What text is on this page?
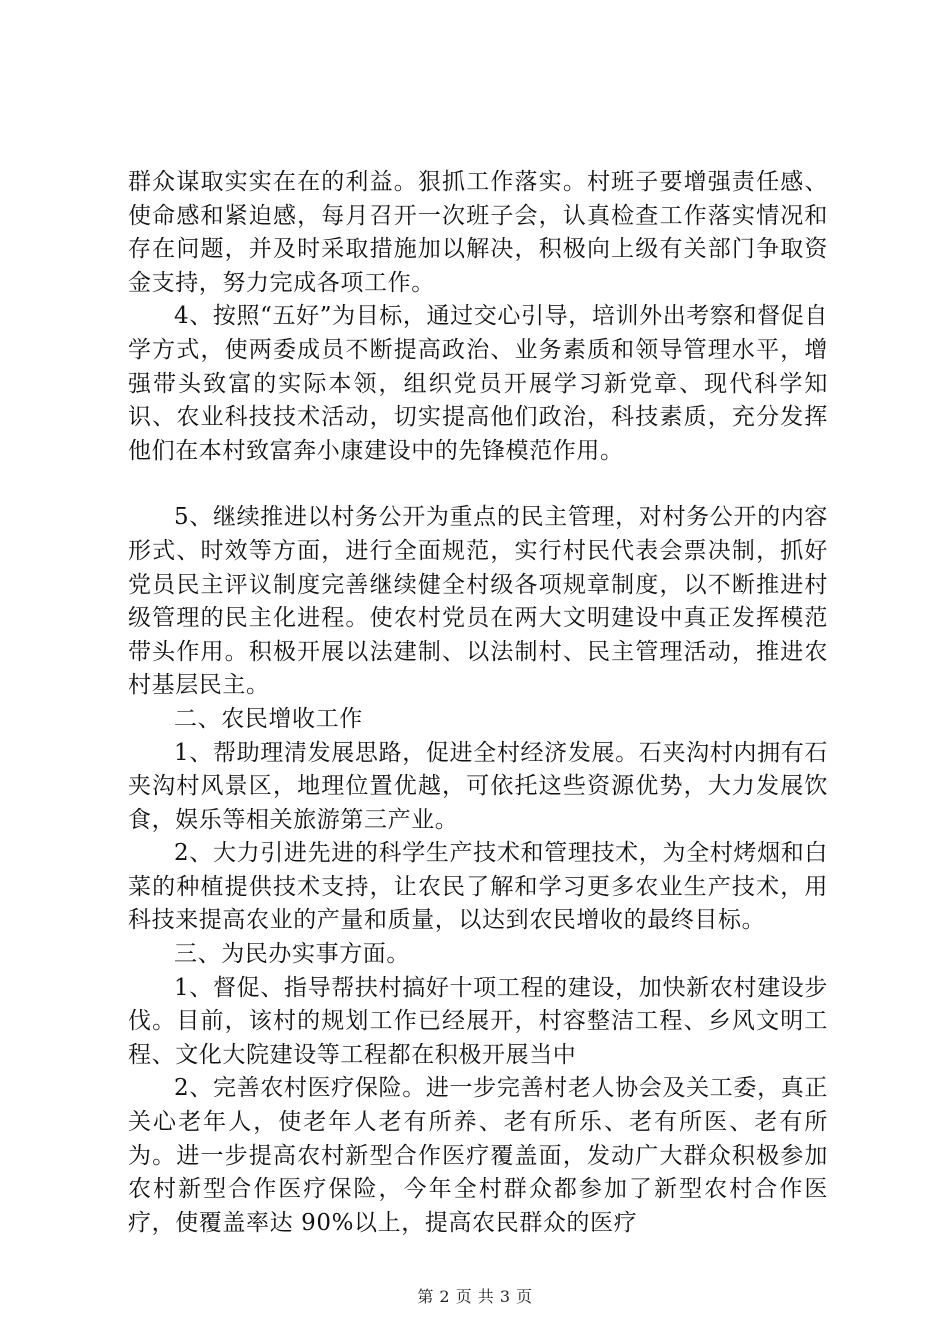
群众谋取实实在在的利益。狠抓工作落实。村班子要增强责任感、使命感和紧迫感，每月召开一次班子会，认真检查工作落实情况和存在问题，并及时采取措施加以解决，积极向上级有关部门争取资金支持，努力完成各项工作。

4、按照“五好”为目标，通过交心引导，培训外出考察和督促自学方式，使两委成员不断提高政治、业务素质和领导管理水平，增强带头致富的实际本领，组织党员开展学习新党章、现代科学知识、农业科技技术活动，切实提高他们政治，科技素质，充分发挥他们在本村致富奔小康建设中的先锋模范作用。

5、继续推进以村务公开为重点的民主管理，对村务公开的内容形式、时效等方面，进行全面规范，实行村民代表会票决制，抓好党员民主评议制度完善继续健全村级各项规章制度，以不断推进村级管理的民主化进程。使农村党员在两大文明建设中真正发挥模范带头作用。积极开展以法建制、以法制村、民主管理活动，推进农村基层民主。

二、农民增收工作

1、帮助理清发展思路，促进全村经济发展。石夹沟村内拥有石夹沟村风景区，地理位置优越，可依托这些资源优势，大力发展饮食，娱乐等相关旅游第三产业。

2、大力引进先进的科学生产技术和管理技术，为全村烤烟和白菜的种植提供技术支持，让农民了解和学习更多农业生产技术，用科技来提高农业的产量和质量，以达到农民增收的最终目标。

三、为民办实事方面。

1、督促、指导帮扶村搞好十项工程的建设，加快新农村建设步伐。目前，该村的规划工作已经展开，村容整洁工程、乡风文明工程、文化大院建设等工程都在积极开展当中

2、完善农村医疗保险。进一步完善村老人协会及关工委，真正关心老年人，使老年人老有所养、老有所乐、老有所医、老有所为。进一步提高农村新型合作医疗覆盖面，发动广大群众积极参加农村新型合作医疗保险，今年全村群众都参加了新型农村合作医疗，使覆盖率达 90%以上，提高农民群众的医疗

第 2 页 共 3 页
